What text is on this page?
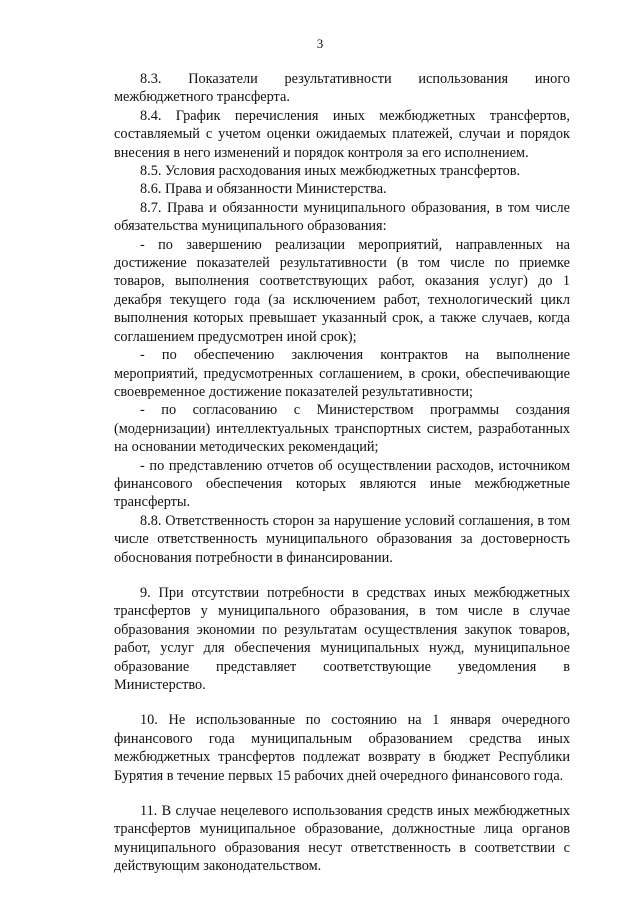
3

8.3. Показатели результативности использования иного межбюджетного трансферта.

8.4. График перечисления иных межбюджетных трансфертов, составляемый с учетом оценки ожидаемых платежей, случаи и порядок внесения в него изменений и порядок контроля за его исполнением.

8.5. Условия расходования иных межбюджетных трансфертов.

8.6. Права и обязанности Министерства.

8.7. Права и обязанности муниципального образования, в том числе обязательства муниципального образования:

- по завершению реализации мероприятий, направленных на достижение показателей результативности (в том числе по приемке товаров, выполнения соответствующих работ, оказания услуг) до 1 декабря текущего года (за исключением работ, технологический цикл выполнения которых превышает указанный срок, а также случаев, когда соглашением предусмотрен иной срок);

- по обеспечению заключения контрактов на выполнение мероприятий, предусмотренных соглашением, в сроки, обеспечивающие своевременное достижение показателей результативности;

- по согласованию с Министерством программы создания (модернизации) интеллектуальных транспортных систем, разработанных на основании методических рекомендаций;

- по представлению отчетов об осуществлении расходов, источником финансового обеспечения которых являются иные межбюджетные трансферты.

8.8. Ответственность сторон за нарушение условий соглашения, в том числе ответственность муниципального образования за достоверность обоснования потребности в финансировании.

9. При отсутствии потребности в средствах иных межбюджетных трансфертов у муниципального образования, в том числе в случае образования экономии по результатам осуществления закупок товаров, работ, услуг для обеспечения муниципальных нужд, муниципальное образование представляет соответствующие уведомления в Министерство.

10. Не использованные по состоянию на 1 января очередного финансового года муниципальным образованием средства иных межбюджетных трансфертов подлежат возврату в бюджет Республики Бурятия в течение первых 15 рабочих дней очередного финансового года.

11. В случае нецелевого использования средств иных межбюджетных трансфертов муниципальное образование, должностные лица органов муниципального образования несут ответственность в соответствии с действующим законодательством.
